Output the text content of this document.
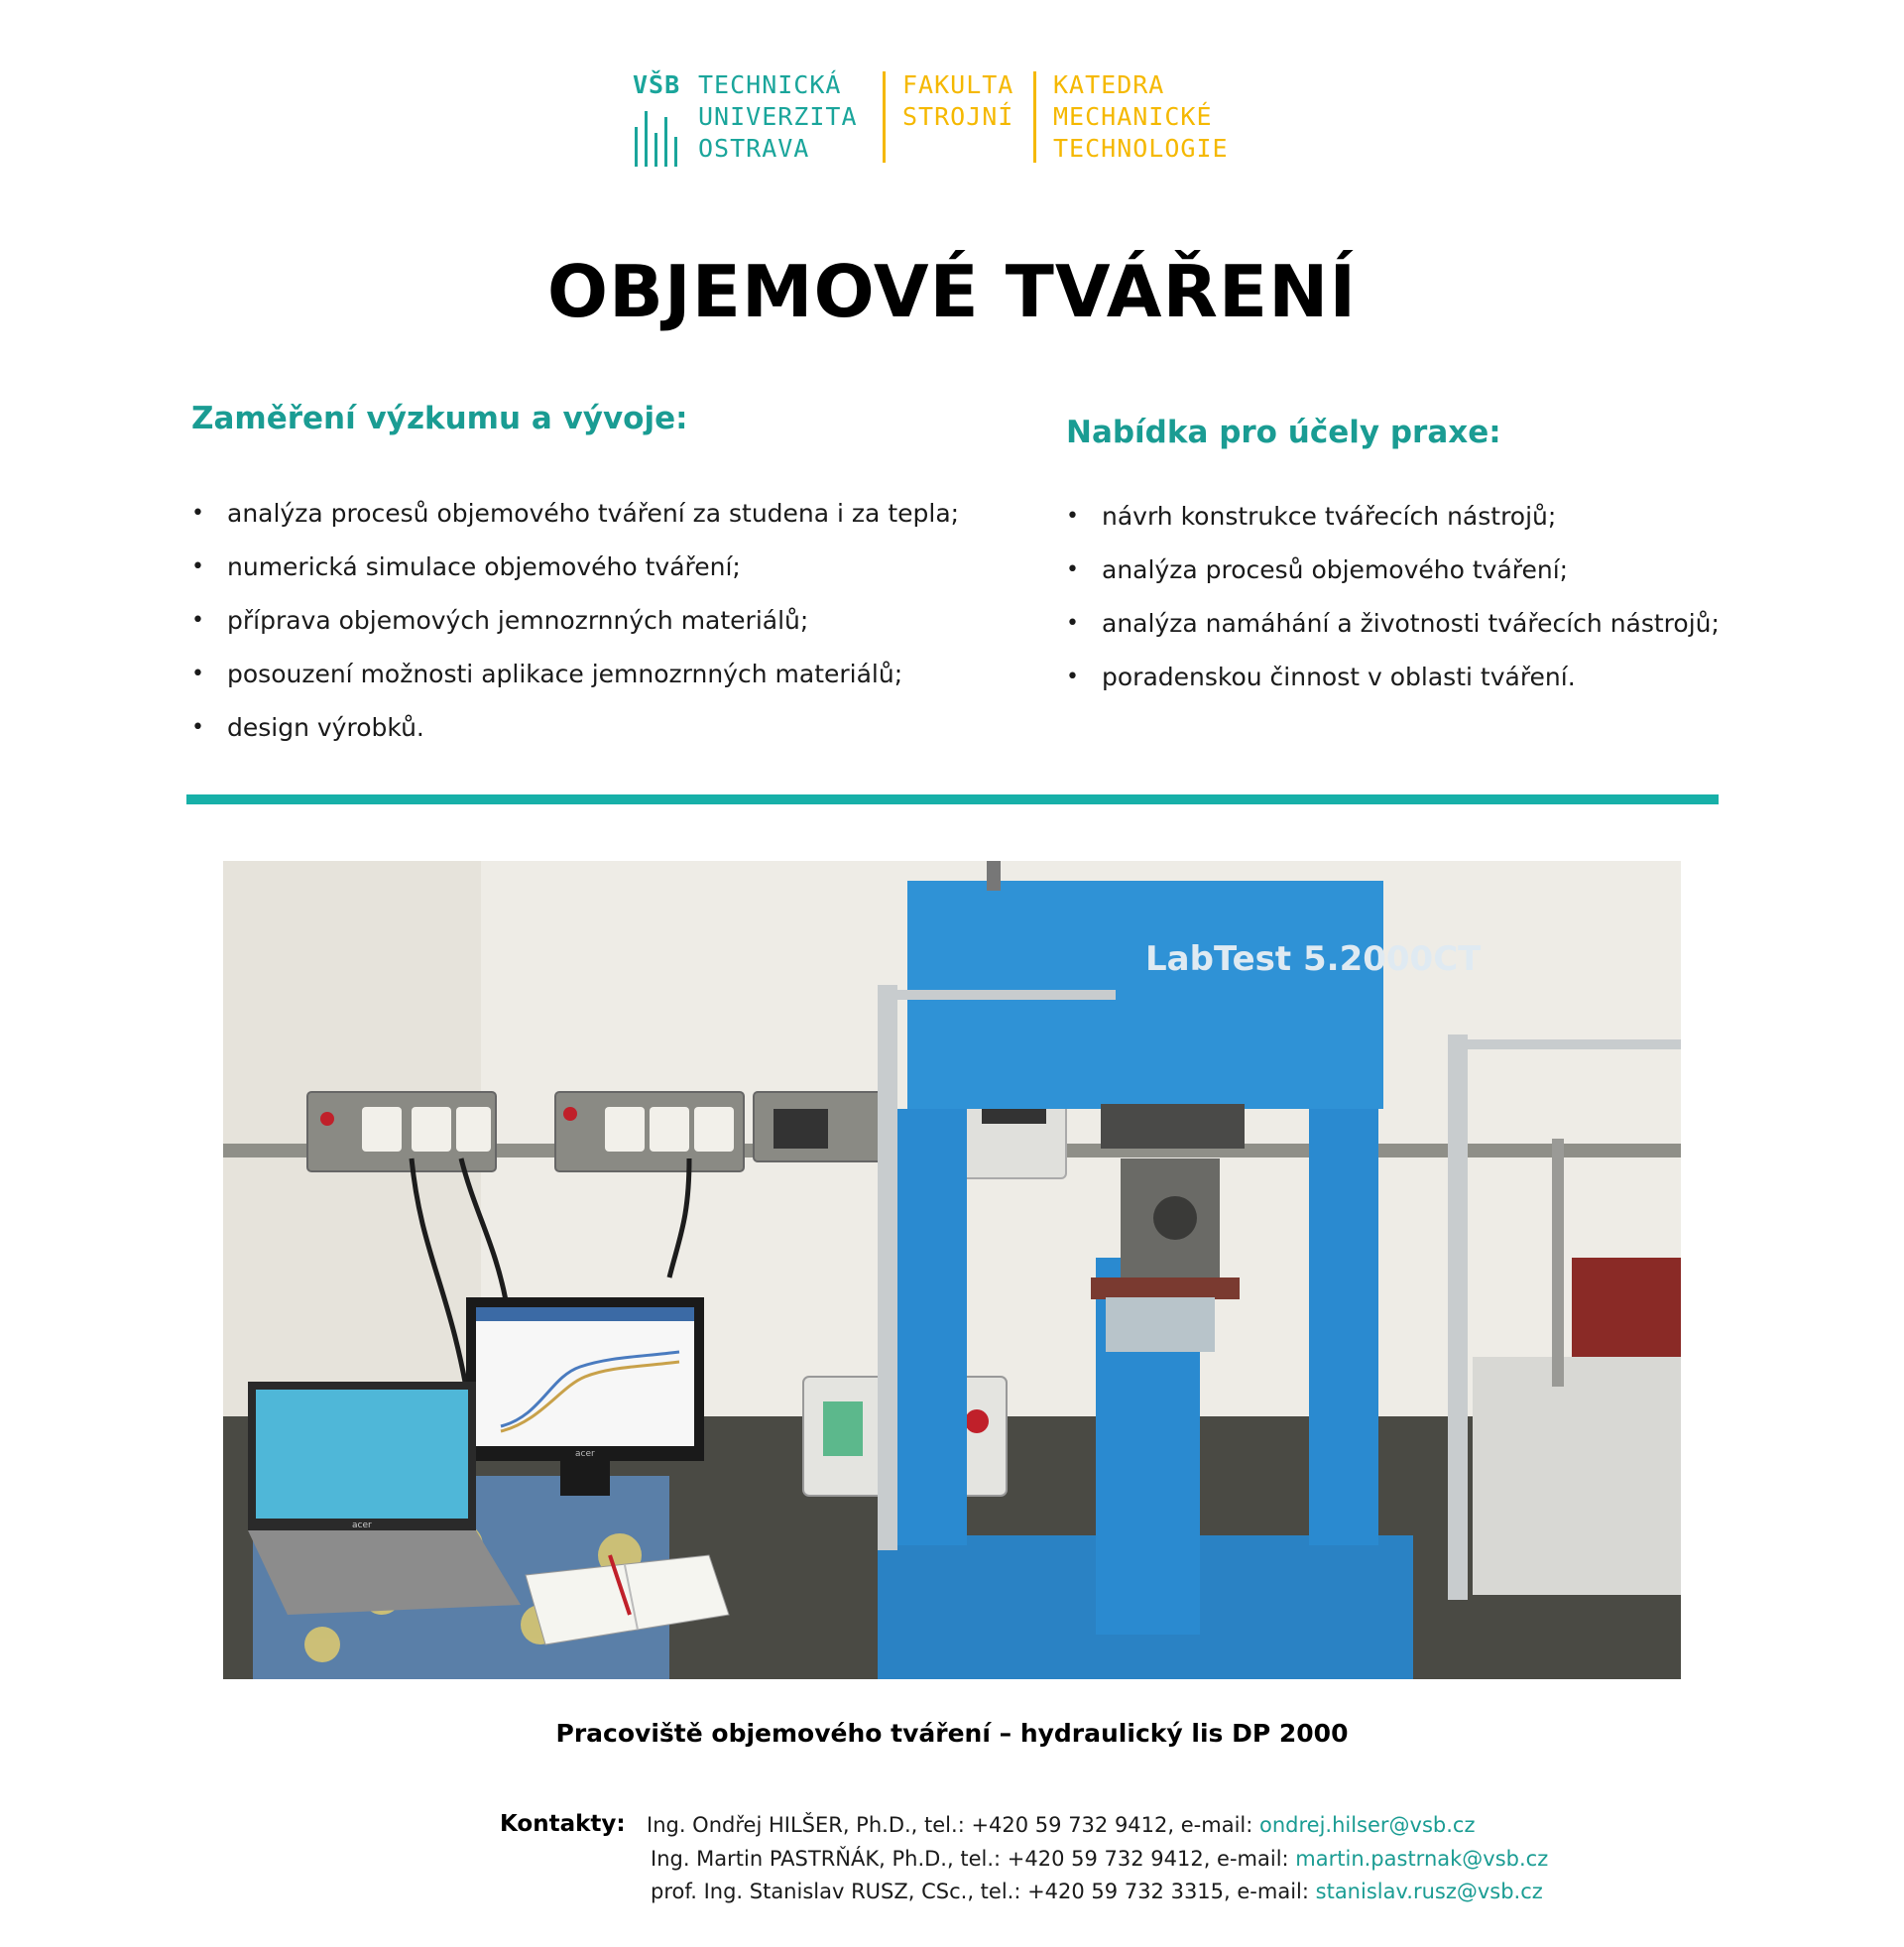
VŠB TECHNICKÁ
UNIVERZITA
OSTRAVA
FAKULTA
STROJNÍ
KATEDRA
MECHANICKÉ
TECHNOLOGIE
OBJEMOVÉ TVÁŘENÍ
Zaměření výzkumu a vývoje:
• analýza procesů objemového tváření za studena i za tepla;
• numerická simulace objemového tváření;
• příprava objemových jemnozrnných materiálů;
• posouzení možnosti aplikace jemnozrnných materiálů;
• design výrobků.
Nabídka pro účely praxe:
• návrh konstrukce tvářecích nástrojů;
• analýza procesů objemového tváření;
• analýza namáhání a životnosti tvářecích nástrojů;
• poradenskou činnost v oblasti tváření.
acer
acer
LabTest 5.2000CT

Pracoviště objemového tváření – hydraulický lis DP 2000

Kontakty: Ing. Ondřej HILŠER, Ph.D., tel.: +420 59 732 9412, e-mail: ondrej.hilser@vsb.cz

Ing. Martin PASTRŇÁK, Ph.D., tel.: +420 59 732 9412, e-mail: martin.pastrnak@vsb.cz

prof. Ing. Stanislav RUSZ, CSc., tel.: +420 59 732 3315, e-mail: stanislav.rusz@vsb.cz
